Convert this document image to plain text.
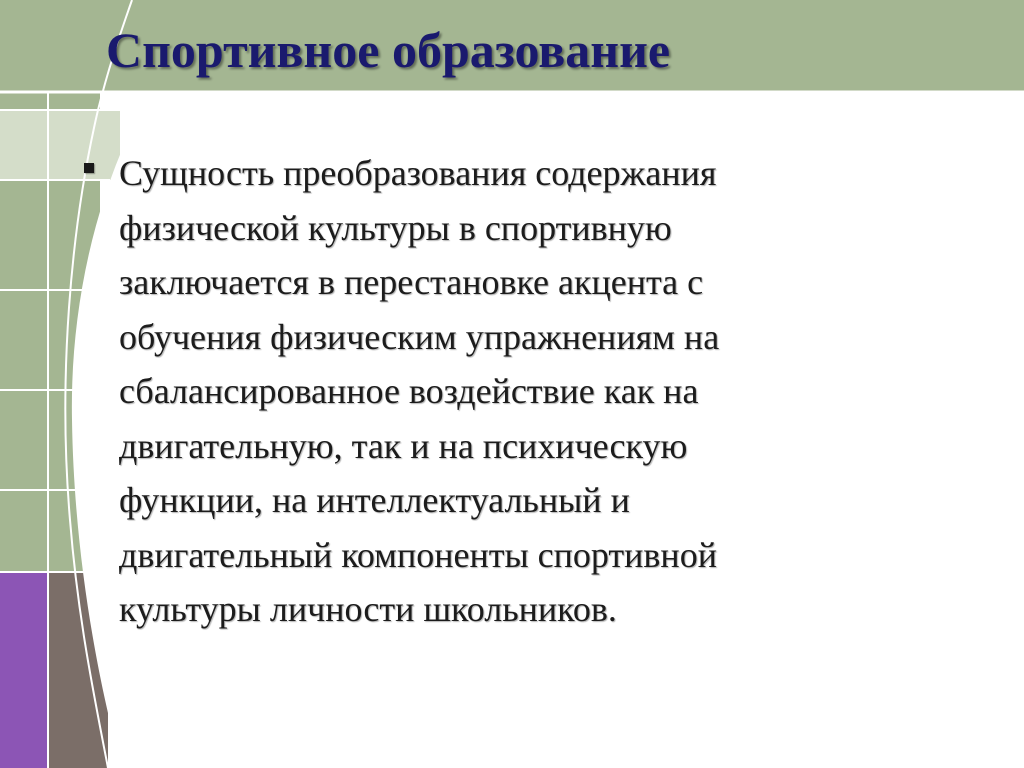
Спортивное образование

Сущность преобразования содержания
физической культуры в спортивную
заключается в перестановке акцента с
обучения физическим упражнениям на
сбалансированное воздействие как на
двигательную, так и на психическую
функции, на интеллектуальный и
двигательный компоненты спортивной
культуры личности школьников.
